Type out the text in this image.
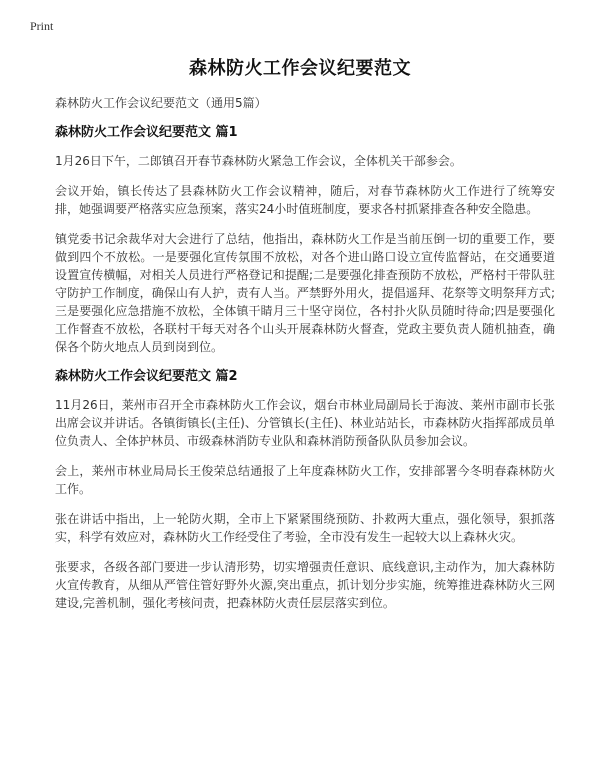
Print
森林防火工作会议纪要范文

森林防火工作会议纪要范文（通用5篇）

森林防火工作会议纪要范文 篇1

1月26日下午，二郎镇召开春节森林防火紧急工作会议，全体机关干部参会。

会议开始，镇长传达了县森林防火工作会议精神，随后，对春节森林防火工作进行了统筹安排，她强调要严格落实应急预案，落实24小时值班制度，要求各村抓紧排查各种安全隐患。

镇党委书记余裁华对大会进行了总结，他指出，森林防火工作是当前压倒一切的重要工作，要做到四个不放松。一是要强化宣传氛围不放松，对各个进山路口设立宣传监督站，在交通要道设置宣传横幅，对相关人员进行严格登记和提醒;二是要强化排查预防不放松，严格村干带队驻守防护工作制度，确保山有人护，责有人当。严禁野外用火，提倡遥拜、花祭等文明祭拜方式;三是要强化应急措施不放松，全体镇干睛月三十坚守岗位，各村扑火队员随时待命;四是要强化工作督查不放松，各联村干每天对各个山头开展森林防火督查，党政主要负责人随机抽查，确保各个防火地点人员到岗到位。

森林防火工作会议纪要范文 篇2

11月26日，莱州市召开全市森林防火工作会议，烟台市林业局副局长于海波、莱州市副市长张出席会议并讲话。各镇街镇长(主任)、分管镇长(主任)、林业站站长，市森林防火指挥部成员单位负责人、全体护林员、市级森林消防专业队和森林消防预备队队员参加会议。

会上，莱州市林业局局长王俊荣总结通报了上年度森林防火工作，安排部署今冬明春森林防火工作。

张在讲话中指出，上一轮防火期，全市上下紧紧围绕预防、扑救两大重点，强化领导，狠抓落实，科学有效应对，森林防火工作经受住了考验，全市没有发生一起较大以上森林火灾。

张要求，各级各部门要进一步认清形势，切实增强责任意识、底线意识,主动作为，加大森林防火宣传教育，从细从严管住管好野外火源,突出重点，抓计划分步实施，统筹推进森林防火三网建设,完善机制，强化考核问责，把森林防火责任层层落实到位。
